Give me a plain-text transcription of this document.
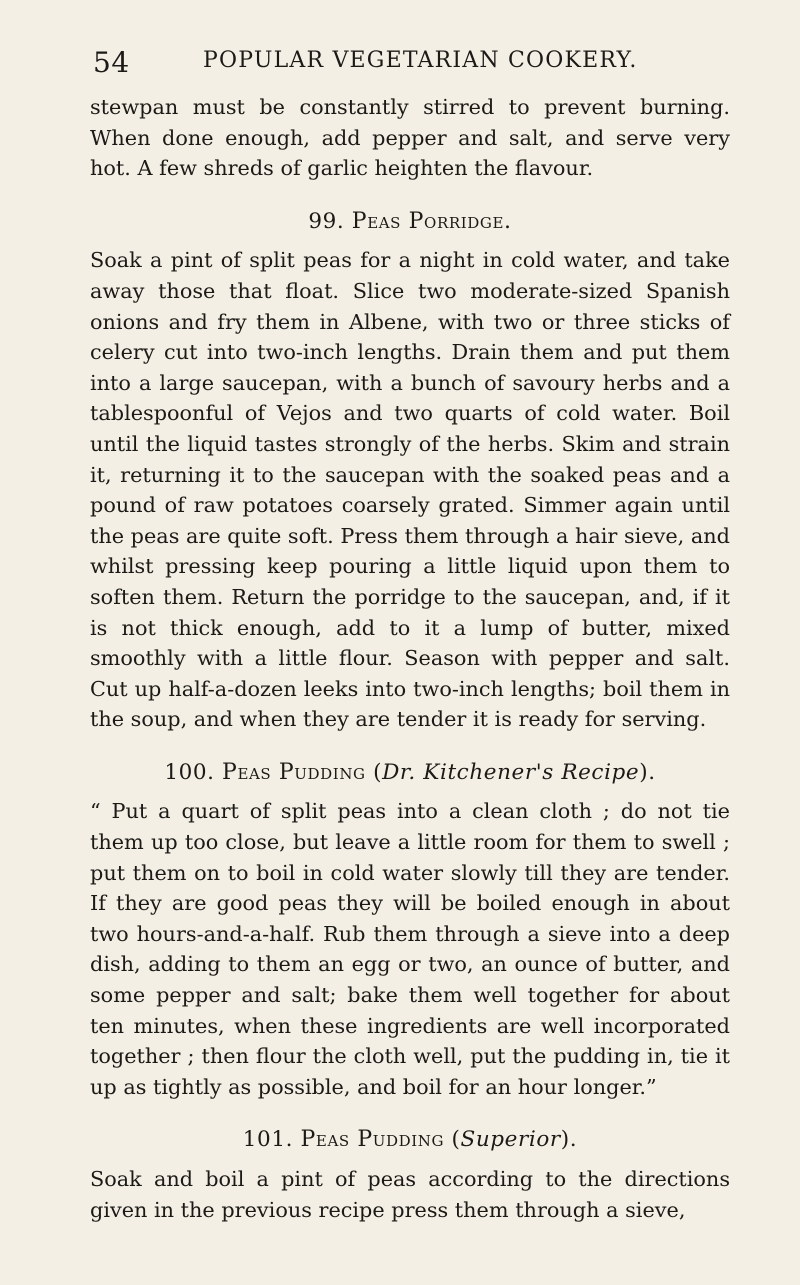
54	POPULAR VEGETARIAN COOKERY.

stewpan must be constantly stirred to prevent burning. When done enough, add pepper and salt, and serve very hot. A few shreds of garlic heighten the flavour.

99. Peas Porridge.

Soak a pint of split peas for a night in cold water, and take away those that float. Slice two moderate-sized Spanish onions and fry them in Albene, with two or three sticks of celery cut into two-inch lengths. Drain them and put them into a large saucepan, with a bunch of savoury herbs and a tablespoonful of Vejos and two quarts of cold water. Boil until the liquid tastes strongly of the herbs. Skim and strain it, returning it to the saucepan with the soaked peas and a pound of raw potatoes coarsely grated. Simmer again until the peas are quite soft. Press them through a hair sieve, and whilst pressing keep pouring a little liquid upon them to soften them. Return the porridge to the saucepan, and, if it is not thick enough, add to it a lump of butter, mixed smoothly with a little flour. Season with pepper and salt. Cut up half-a-dozen leeks into two-inch lengths; boil them in the soup, and when they are tender it is ready for serving.

100. Peas Pudding (Dr. Kitchener's Recipe).

“ Put a quart of split peas into a clean cloth ; do not tie them up too close, but leave a little room for them to swell ; put them on to boil in cold water slowly till they are tender. If they are good peas they will be boiled enough in about two hours-and-a-half. Rub them through a sieve into a deep dish, adding to them an egg or two, an ounce of butter, and some pepper and salt; bake them well together for about ten minutes, when these ingredients are well incorporated together ; then flour the cloth well, put the pudding in, tie it up as tightly as possible, and boil for an hour longer.”

101. Peas Pudding (Superior).

Soak and boil a pint of peas according to the directions given in the previous recipe press them through a sieve,
